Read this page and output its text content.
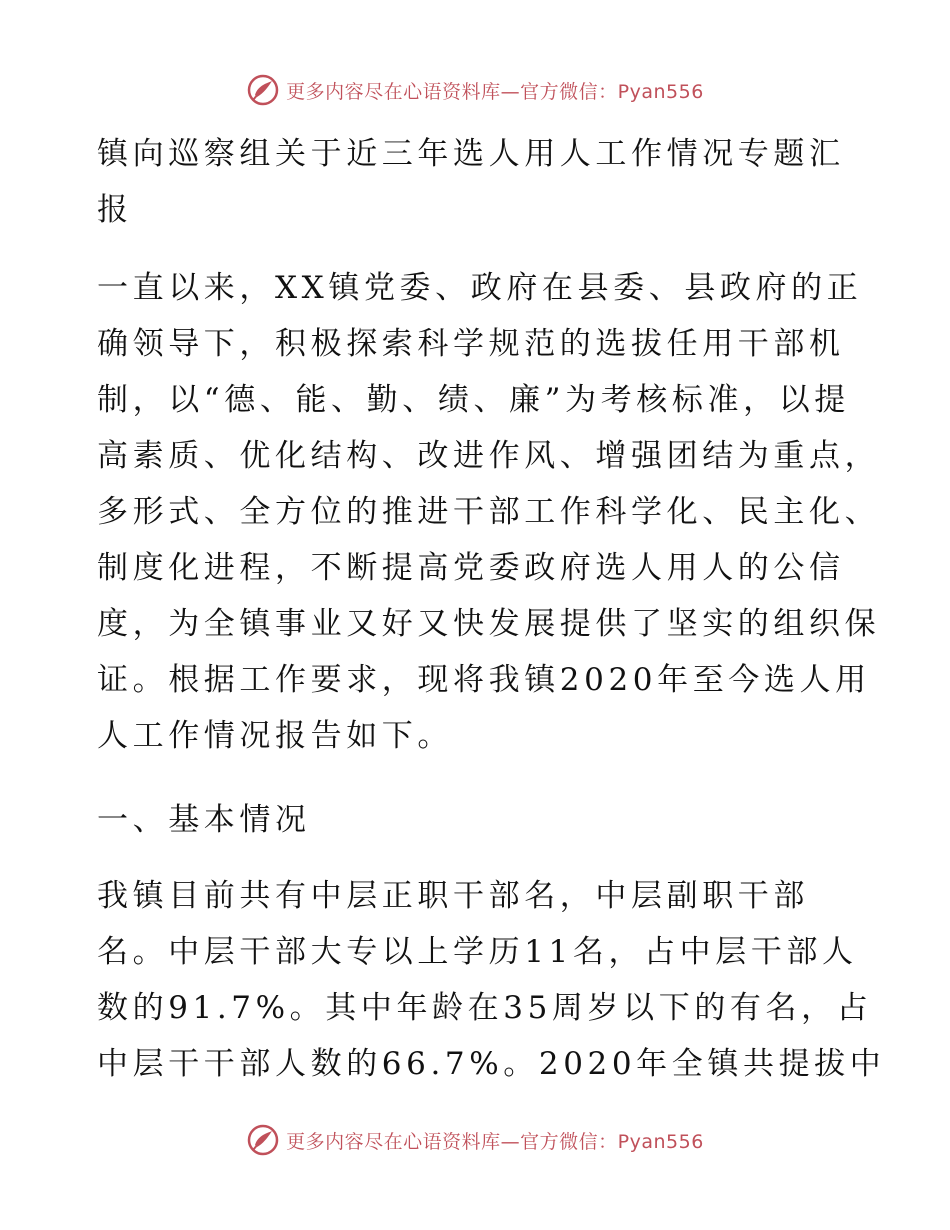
更多内容尽在心语资料库—官方微信：Pyan556
镇向巡察组关于近三年选人用人工作情况专题汇
报
一直以来，XX镇党委、政府在县委、县政府的正
确领导下，积极探索科学规范的选拔任用干部机
制，以“德、能、勤、绩、廉”为考核标准，以提
高素质、优化结构、改进作风、增强团结为重点，
多形式、全方位的推进干部工作科学化、民主化、
制度化进程，不断提高党委政府选人用人的公信
度，为全镇事业又好又快发展提供了坚实的组织保
证。根据工作要求，现将我镇2020年至今选人用
人工作情况报告如下。
一、基本情况
我镇目前共有中层正职干部名，中层副职干部
名。中层干部大专以上学历11名，占中层干部人
数的91.7%。其中年龄在35周岁以下的有名，占
中层干干部人数的66.7%。2020年全镇共提拔中
更多内容尽在心语资料库—官方微信：Pyan556
